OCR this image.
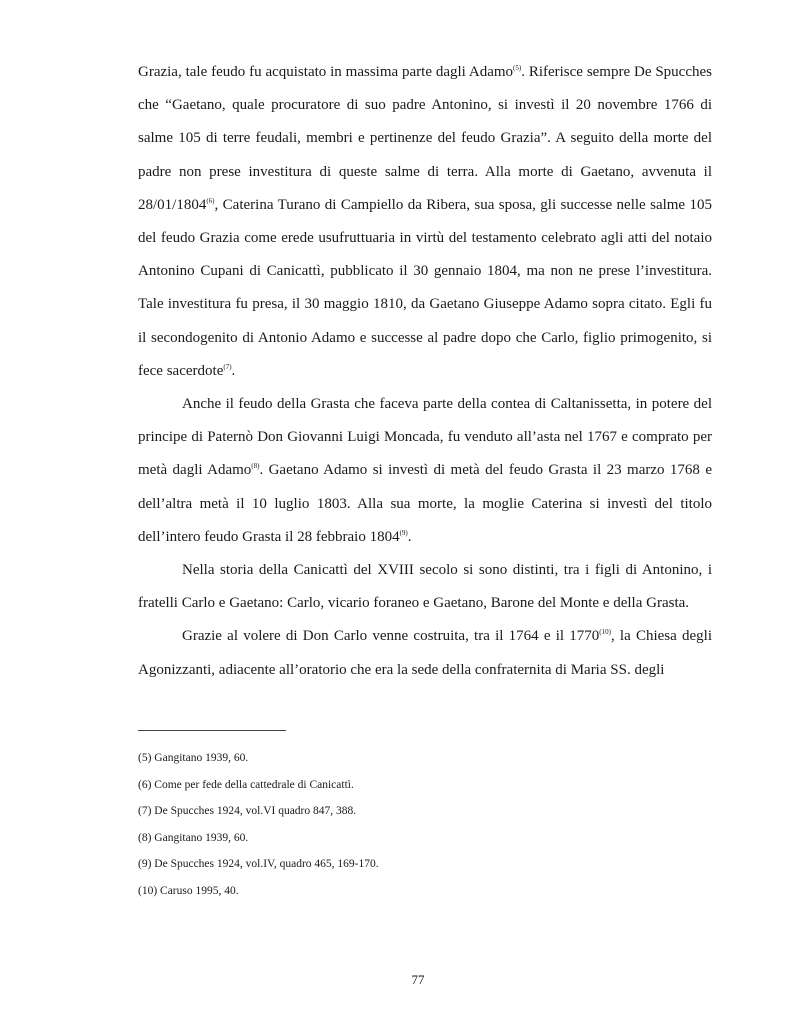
Grazia, tale feudo fu acquistato in massima parte dagli Adamo$^{(5)}$. Riferisce sempre De Spucches che “Gaetano, quale procuratore di suo padre Antonino, si investì il 20 novembre 1766 di salme 105 di terre feudali, membri e pertinenze del feudo Grazia”. A seguito della morte del padre non prese investitura di queste salme di terra. Alla morte di Gaetano, avvenuta il 28/01/1804$^{(6)}$, Caterina Turano di Campiello da Ribera, sua sposa, gli successe nelle salme 105 del feudo Grazia come erede usufruttuaria in virtù del testamento celebrato agli atti del notaio Antonino Cupani di Canicattì, pubblicato il 30 gennaio 1804, ma non ne prese l’investitura. Tale investitura fu presa, il 30 maggio 1810, da Gaetano Giuseppe Adamo sopra citato. Egli fu il secondogenito di Antonio Adamo e successe al padre dopo che Carlo, figlio primogenito, si fece sacerdote$^{(7)}$.

Anche il feudo della Grasta che faceva parte della contea di Caltanissetta, in potere del principe di Paternò Don Giovanni Luigi Moncada, fu venduto all’asta nel 1767 e comprato per metà dagli Adamo$^{(8)}$. Gaetano Adamo si investì di metà del feudo Grasta il 23 marzo 1768 e dell’altra metà il 10 luglio 1803. Alla sua morte, la moglie Caterina si investì del titolo dell’intero feudo Grasta il 28 febbraio 1804$^{(9)}$.

Nella storia della Canicattì del XVIII secolo si sono distinti, tra i figli di Antonino, i fratelli Carlo e Gaetano: Carlo, vicario foraneo e Gaetano, Barone del Monte e della Grasta.

Grazie al volere di Don Carlo venne costruita, tra il 1764 e il 1770$^{(10)}$, la Chiesa degli Agonizzanti, adiacente all’oratorio che era la sede della confraternita di Maria SS. degli

(5) Gangitano 1939, 60.
(6) Come per fede della cattedrale di Canicattì.
(7) De Spucches 1924, vol.VI quadro 847, 388.
(8) Gangitano 1939, 60.
(9) De Spucches 1924, vol.IV, quadro 465, 169-170.
(10) Caruso 1995, 40.
77
